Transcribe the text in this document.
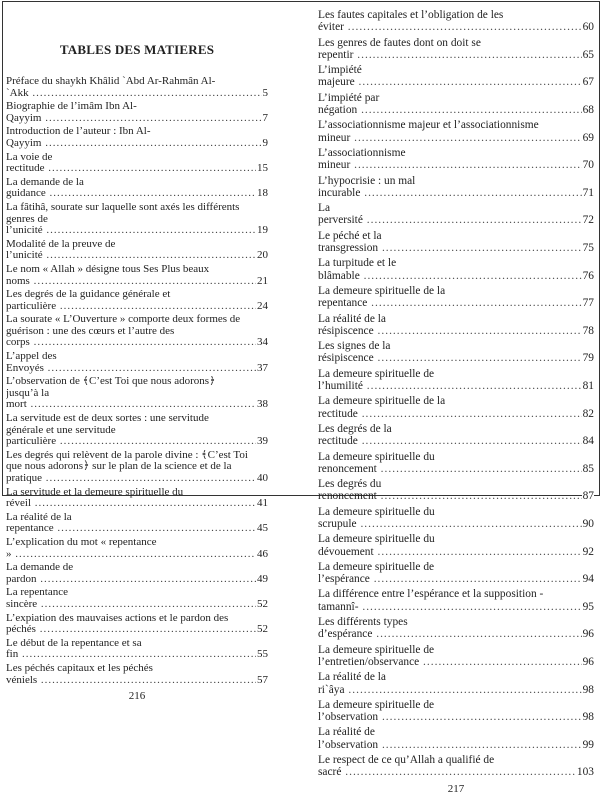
TABLES DES MATIERES
Préface du shaykh Khâlid `Abd Ar-Rahmân Al-`Akk .....	5
Biographie de l’imâm Ibn Al-Qayyim .....	7
Introduction de l’auteur : Ibn Al-Qayyim .....	9
La voie de rectitude .....	15
La demande de la guidance .....	18
La fâtihâ, sourate sur laquelle sont axés les différents genres de l’unicité .....	19
Modalité de la preuve de l’unicité .....	20
Le nom « Allah » désigne tous Ses Plus beaux noms .....	21
Les degrés de la guidance générale et particulière .....	24
La sourate « L’Ouverture » comporte deux formes de guérison : une des cœurs et l’autre des corps .....	34
L’appel des Envoyés .....	37
L’observation de ﴾C’est Toi que nous adorons﴿ jusqu’à la mort .....	38
La servitude est de deux sortes : une servitude générale et une servitude particulière .....	39
Les degrés qui relèvent de la parole divine : ﴾C’est Toi que nous adorons﴿ sur le plan de la science et de la pratique .....	40
La servitude et la demeure spirituelle du réveil .....	41
La réalité de la repentance .....	45
L’explication du mot « repentance » .....	46
La demande de pardon .....	49
La repentance sincère .....	52
L’expiation des mauvaises actions et le pardon des péchés .....	52
Le début de la repentance et sa fin .....	55
Les péchés capitaux et les péchés véniels .....	57
216
Les fautes capitales et l’obligation de les éviter .....	60
Les genres de fautes dont on doit se repentir .....	65
L’impiété majeure .....	67
L’impiété par négation .....	68
L’associationnisme majeur et l’associationnisme mineur .....	69
L’associationnisme mineur .....	70
L’hypocrisie : un mal incurable .....	71
La perversité .....	72
Le péché et la transgression .....	75
La turpitude et le blâmable .....	76
La demeure spirituelle de la repentance .....	77
La réalité de la résipiscence .....	78
Les signes de la résipiscence .....	79
La demeure spirituelle de l’humilité .....	81
La demeure spirituelle de la rectitude .....	82
Les degrés de la rectitude .....	84
La demeure spirituelle du renoncement .....	85
Les degrés du renoncement .....	87
La demeure spirituelle du scrupule .....	90
La demeure spirituelle du dévouement .....	92
La demeure spirituelle de l’espérance .....	94
La différence entre l’espérance et la supposition -tamannî- .....	95
Les différents types d’espérance .....	96
La demeure spirituelle de l’entretien/observance .....	96
La réalité de la ri`âya .....	98
La demeure spirituelle de l’observation .....	98
La réalité de l’observation .....	99
Le respect de ce qu’Allah a qualifié de sacré .....	103
217
